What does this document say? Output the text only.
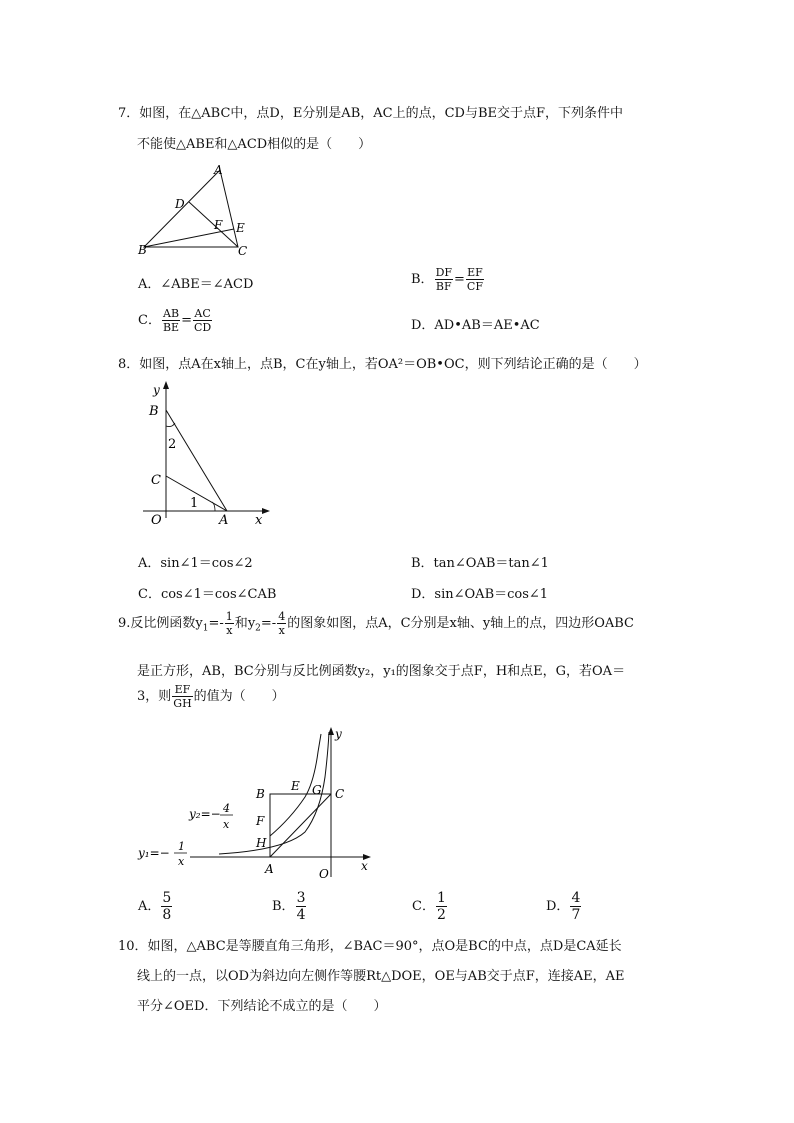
7．如图，在△ABC中，点D，E分别是AB，AC上的点，CD与BE交于点F，下列条件中
不能使△ABE和△ACD相似的是（　　）
A
D
F E
B	C
A．∠ABE＝∠ACD	B． $\frac{DF}{BF} = \frac{EF}{CF}$
C． $\frac{AB}{BE} = \frac{AC}{CD}$	D．AD•AB＝AE•AC
8．如图，点A在x轴上，点B，C在y轴上，若OA²＝OB•OC，则下列结论正确的是（　　）
y
B
2
C
1
O	A x
A．sin∠1＝cos∠2	B．tan∠OAB＝tan∠1
C．cos∠1＝cos∠CAB	D．sin∠OAB＝cos∠1
9.反比例函数$y_1=- \frac{1}{x}$ 和$y_2=- \frac{4}{x}$ 的图象如图，点A，C分别是x轴、y轴上的点，四边形OABC
是正方形，AB，BC分别与反比例函数y₂，y₁的图象交于点F，H和点E，G，若OA＝
3，则 $\frac{EF}{GH}$ 的值为（　　）
y
B
E G C
F
H
A	O
x
y₂=− 4
x
y₁=− 1
x
A． $\frac{5}{8}$	B． $\frac{3}{4}$	C． $\frac{1}{2}$	D． $\frac{4}{7}$
10．如图，△ABC是等腰直角三角形，∠BAC＝90°，点O是BC的中点，点D是CA延长
线上的一点，以OD为斜边向左侧作等腰Rt△DOE，OE与AB交于点F，连接AE，AE
平分∠OED．下列结论不成立的是（　　）
